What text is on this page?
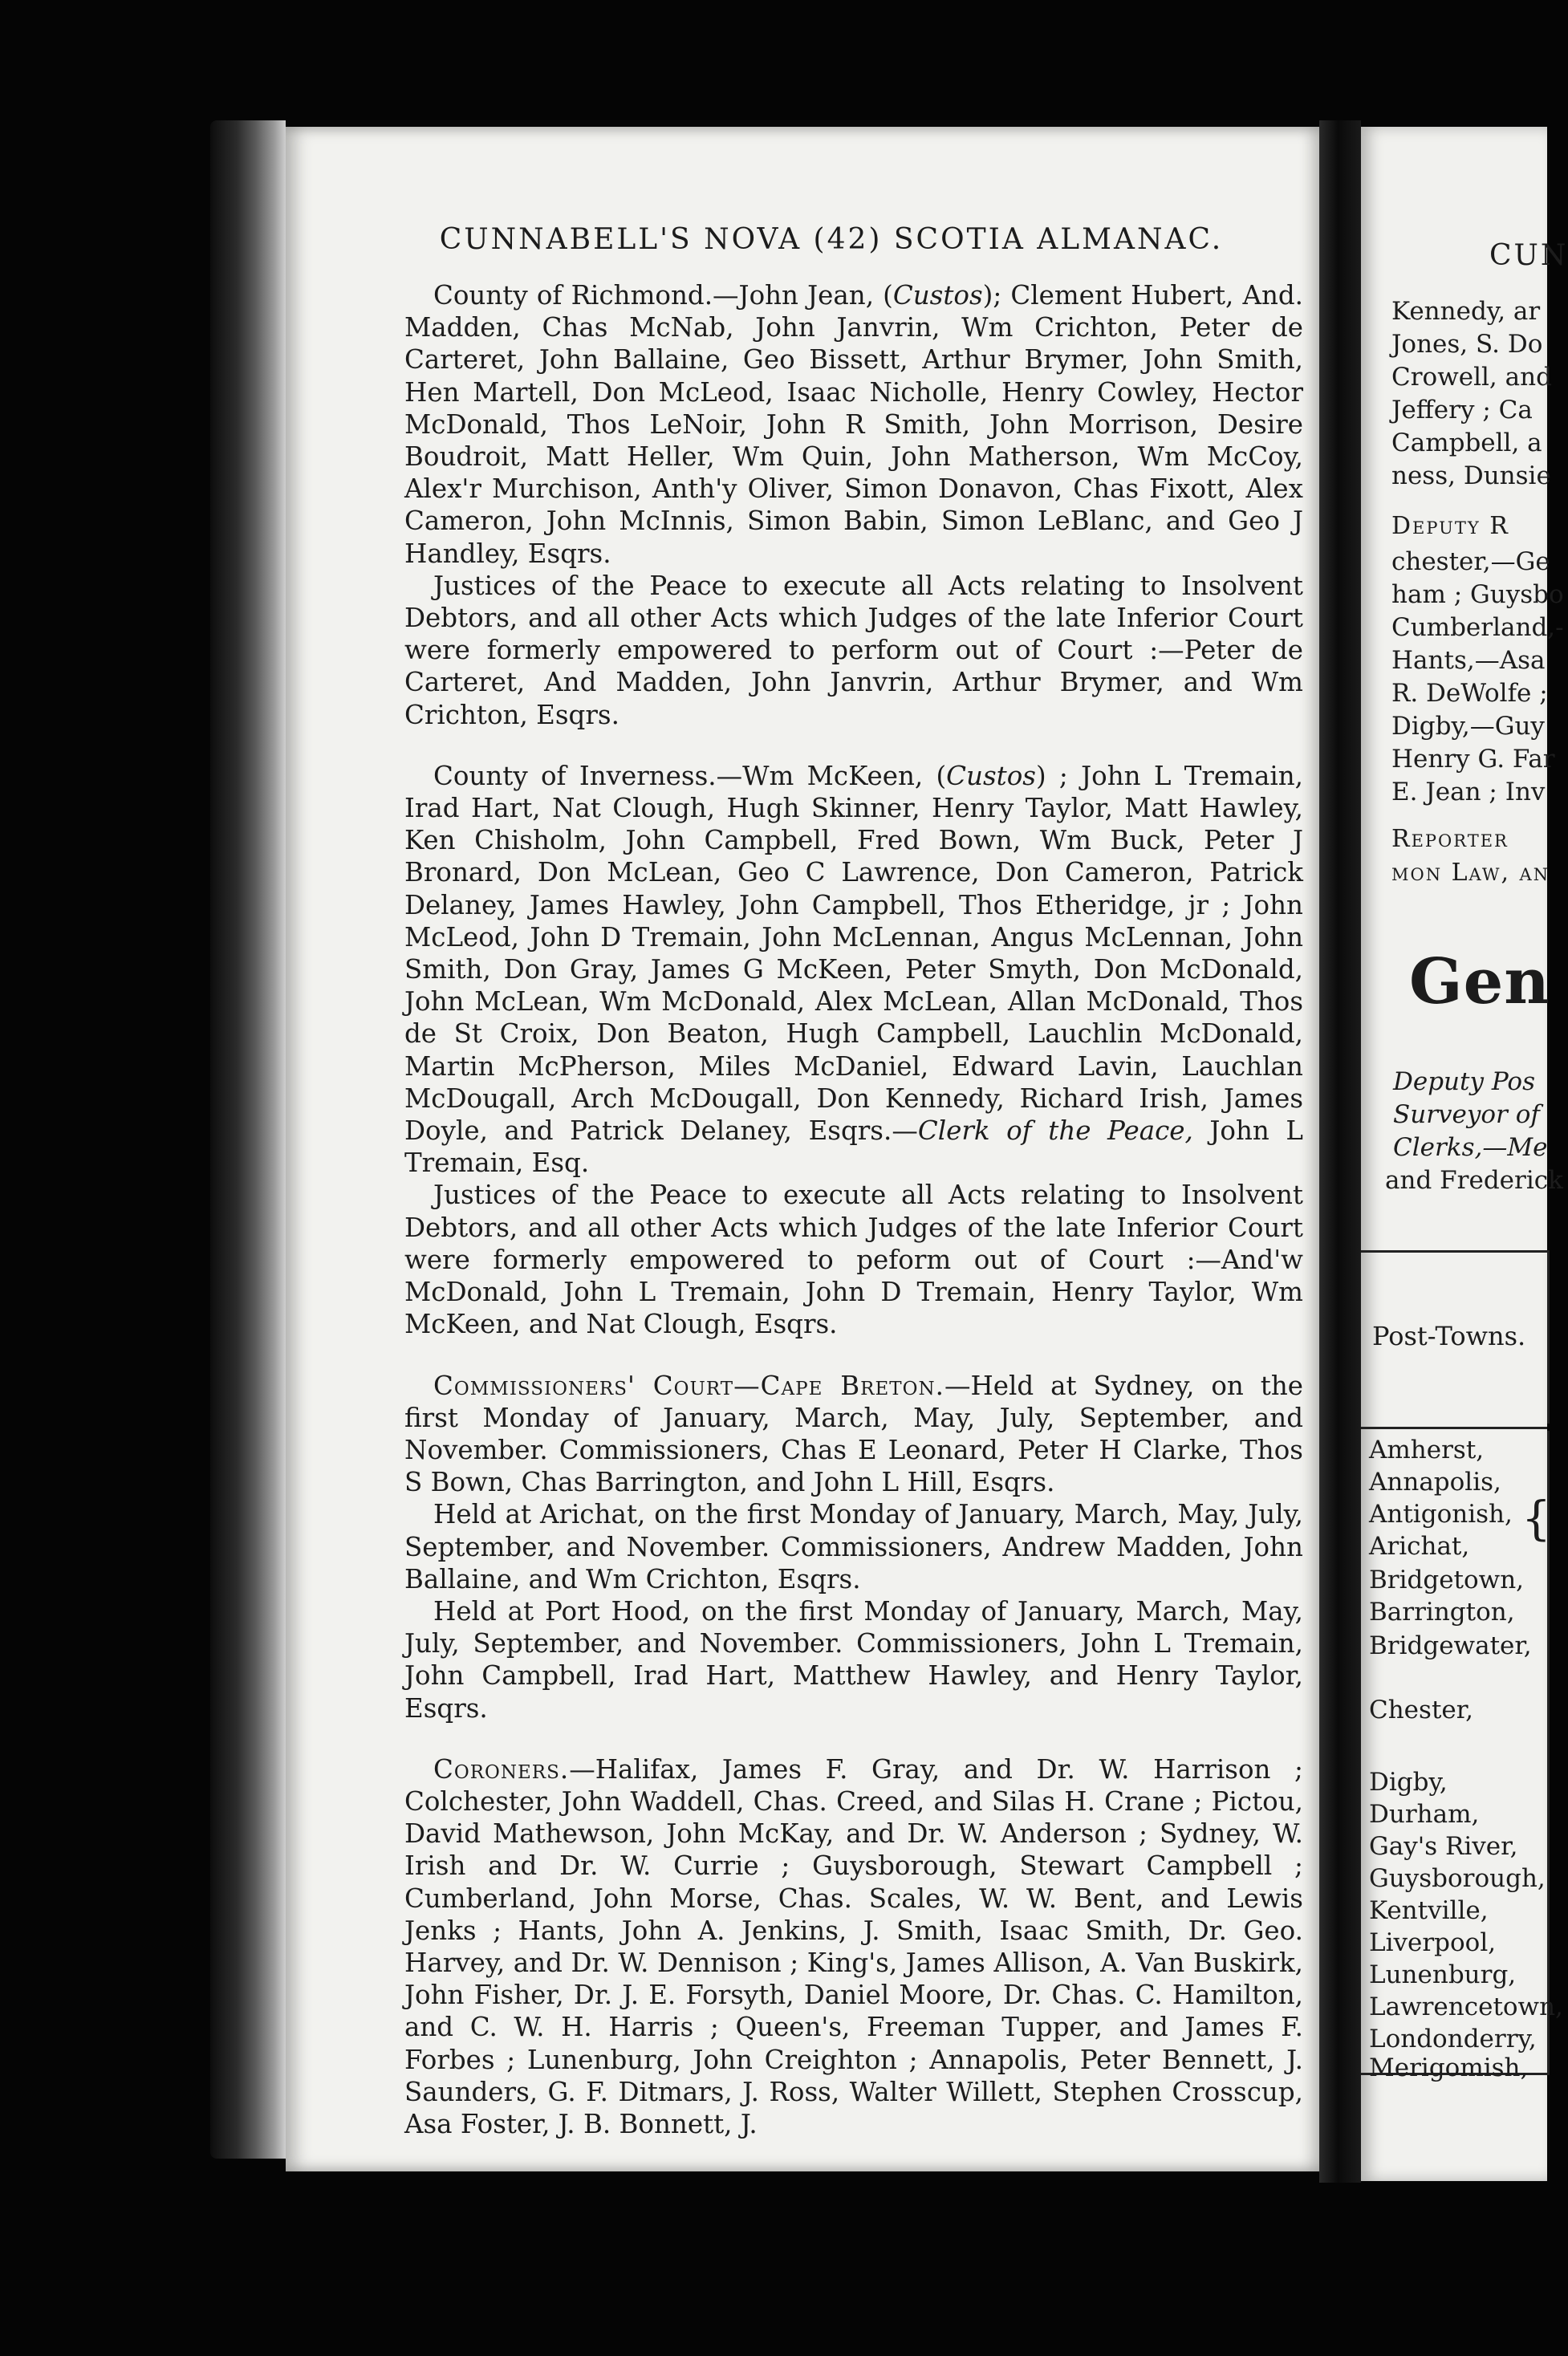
CUNNABELL'S NOVA (42) SCOTIA ALMANAC.

County of Richmond.—John Jean, (Custos); Clement Hubert, And. Madden, Chas McNab, John Janvrin, Wm Crichton, Peter de Carteret, John Ballaine, Geo Bissett, Arthur Brymer, John Smith, Hen Martell, Don McLeod, Isaac Nicholle, Henry Cowley, Hector McDonald, Thos LeNoir, John R Smith, John Morrison, Desire Boudroit, Matt Heller, Wm Quin, John Matherson, Wm McCoy, Alex'r Murchison, Anth'y Oliver, Simon Donavon, Chas Fixott, Alex Cameron, John McInnis, Simon Babin, Simon LeBlanc, and Geo J Handley, Esqrs.

Justices of the Peace to execute all Acts relating to Insolvent Debtors, and all other Acts which Judges of the late Inferior Court were formerly empowered to perform out of Court :—Peter de Carteret, And Madden, John Janvrin, Arthur Brymer, and Wm Crichton, Esqrs.

County of Inverness.—Wm McKeen, (Custos) ; John L Tremain, Irad Hart, Nat Clough, Hugh Skinner, Henry Taylor, Matt Hawley, Ken Chisholm, John Campbell, Fred Bown, Wm Buck, Peter J Bronard, Don McLean, Geo C Lawrence, Don Cameron, Patrick Delaney, James Hawley, John Campbell, Thos Etheridge, jr ; John McLeod, John D Tremain, John McLennan, Angus McLennan, John Smith, Don Gray, James G McKeen, Peter Smyth, Don McDonald, John McLean, Wm McDonald, Alex McLean, Allan McDonald, Thos de St Croix, Don Beaton, Hugh Campbell, Lauchlin McDonald, Martin McPherson, Miles McDaniel, Edward Lavin, Lauchlan McDougall, Arch McDougall, Don Kennedy, Richard Irish, James Doyle, and Patrick Delaney, Esqrs.—Clerk of the Peace, John L Tremain, Esq.

Justices of the Peace to execute all Acts relating to Insolvent Debtors, and all other Acts which Judges of the late Inferior Court were formerly empowered to peform out of Court :—And'w McDonald, John L Tremain, John D Tremain, Henry Taylor, Wm McKeen, and Nat Clough, Esqrs.

Commissioners' Court—Cape Breton.—Held at Sydney, on the first Monday of January, March, May, July, September, and November. Commissioners, Chas E Leonard, Peter H Clarke, Thos S Bown, Chas Barrington, and John L Hill, Esqrs.

Held at Arichat, on the first Monday of January, March, May, July, September, and November. Commissioners, Andrew Madden, John Ballaine, and Wm Crichton, Esqrs.

Held at Port Hood, on the first Monday of January, March, May, July, September, and November. Commissioners, John L Tremain, John Campbell, Irad Hart, Matthew Hawley, and Henry Taylor, Esqrs.

Coroners.—Halifax, James F. Gray, and Dr. W. Harrison ; Colchester, John Waddell, Chas. Creed, and Silas H. Crane ; Pictou, David Mathewson, John McKay, and Dr. W. Anderson ; Sydney, W. Irish and Dr. W. Currie ; Guysborough, Stewart Campbell ; Cumberland, John Morse, Chas. Scales, W. W. Bent, and Lewis Jenks ; Hants, John A. Jenkins, J. Smith, Isaac Smith, Dr. Geo. Harvey, and Dr. W. Dennison ; King's, James Allison, A. Van Buskirk, John Fisher, Dr. J. E. Forsyth, Daniel Moore, Dr. Chas. C. Hamilton, and C. W. H. Harris ; Queen's, Freeman Tupper, and James F. Forbes ; Lunenburg, John Creighton ; Annapolis, Peter Bennett, J. Saunders, G. F. Ditmars, J. Ross, Walter Willett, Stephen Crosscup, Asa Foster, J. B. Bonnett, J.

CUN
Kennedy, ar
Jones, S. Do
Crowell, and
Jeffery ; Ca
Campbell, a
ness, Dunsie
Deputy R
chester,—Ge
ham ; Guysbo
Cumberland,-
Hants,—Asa
R. DeWolfe ;
Digby,—Guy
Henry G. Far
E. Jean ; Inv
Reporter
mon Law, an
Gen
Deputy Pos
Surveyor of
Clerks,—Me
and Frederick
Post-Towns.
Amherst,
Annapolis,
Antigonish,
Arichat,
Bridgetown,
Barrington,
Bridgewater,
Chester,
Digby,
Durham,
Gay's River,
Guysborough,
Kentville,
Liverpool,
Lunenburg,
Lawrencetown,
Londonderry,
Merigomish,
{
